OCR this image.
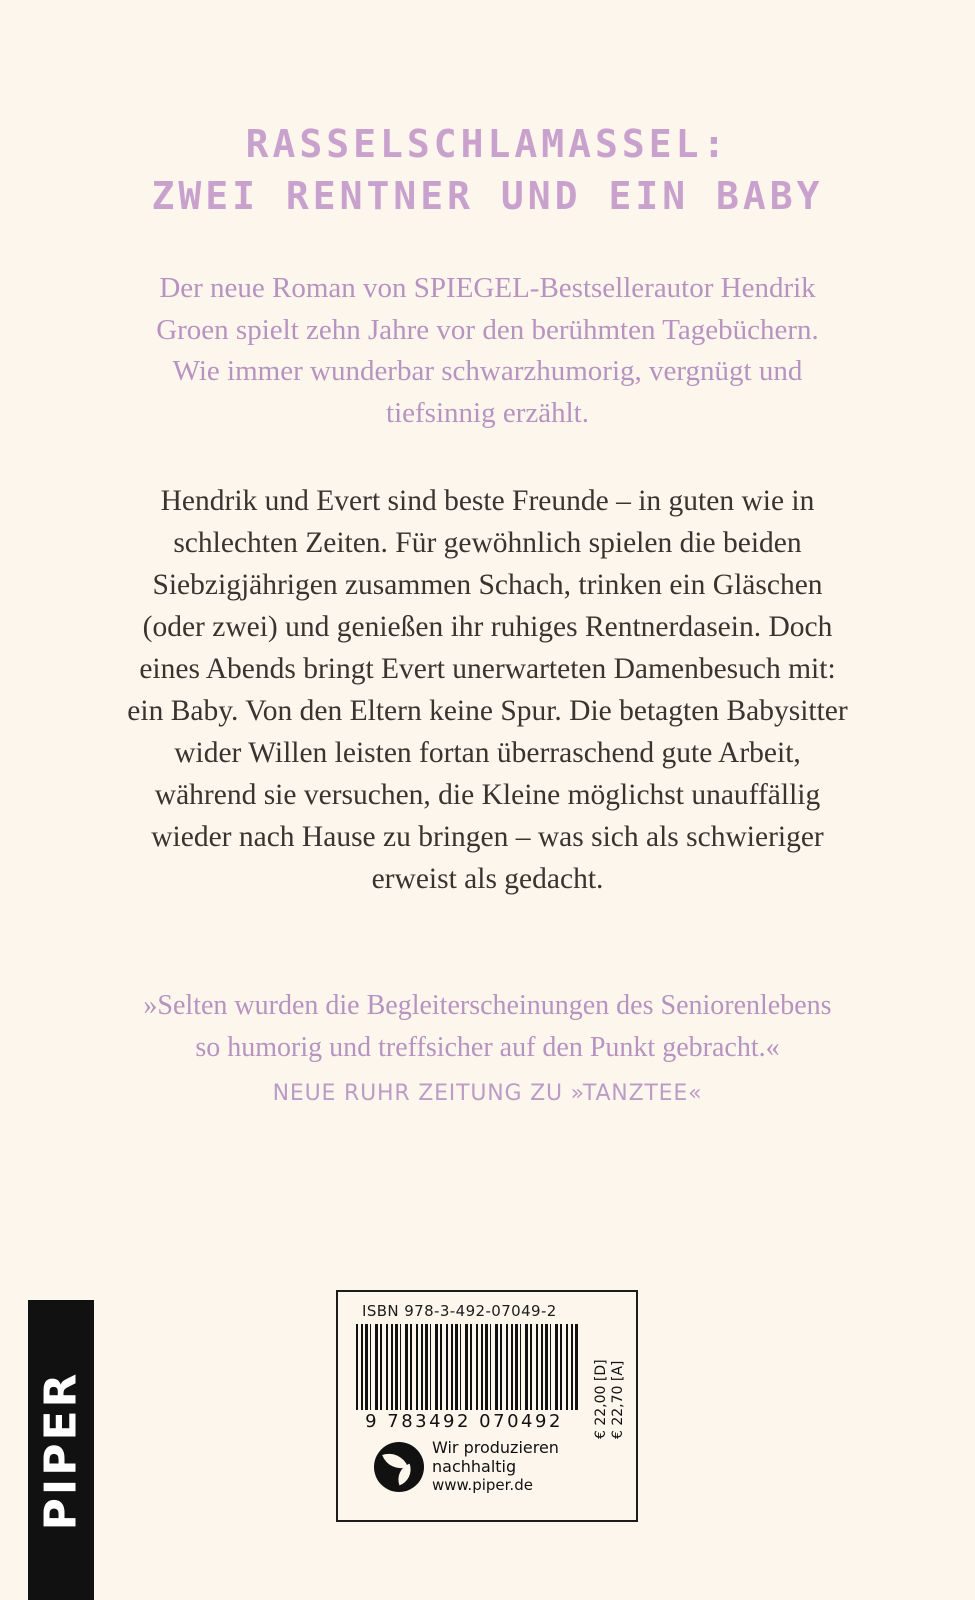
RASSELSCHLAMASSEL:
ZWEI RENTNER UND EIN BABY
Der neue Roman von SPIEGEL‑Bestsellerautor Hendrik Groen spielt zehn Jahre vor den berühmten Tagebüchern. Wie immer wunderbar schwarzhumorig, vergnügt und tiefsinnig erzählt.
Hendrik und Evert sind beste Freunde – in guten wie in schlechten Zeiten. Für gewöhnlich spielen die beiden Siebzigjährigen zusammen Schach, trinken ein Gläschen (oder zwei) und genießen ihr ruhiges Rentnerdasein. Doch eines Abends bringt Evert unerwarteten Damenbesuch mit: ein Baby. Von den Eltern keine Spur. Die betagten Babysitter wider Willen leisten fortan überraschend gute Arbeit, während sie versuchen, die Kleine möglichst unauffällig wieder nach Hause zu bringen – was sich als schwieriger erweist als gedacht.
»Selten wurden die Begleiterscheinungen des Seniorenlebens so humorig und treffsicher auf den Punkt gebracht.«
NEUE RUHR ZEITUNG ZU »TANZTEE«
PIPER
ISBN 978-3-492-07049-2
9 783492 070492	€ 22,00 [D] € 22,70 [A]
Wir produzieren
nachhaltig
www.piper.de
